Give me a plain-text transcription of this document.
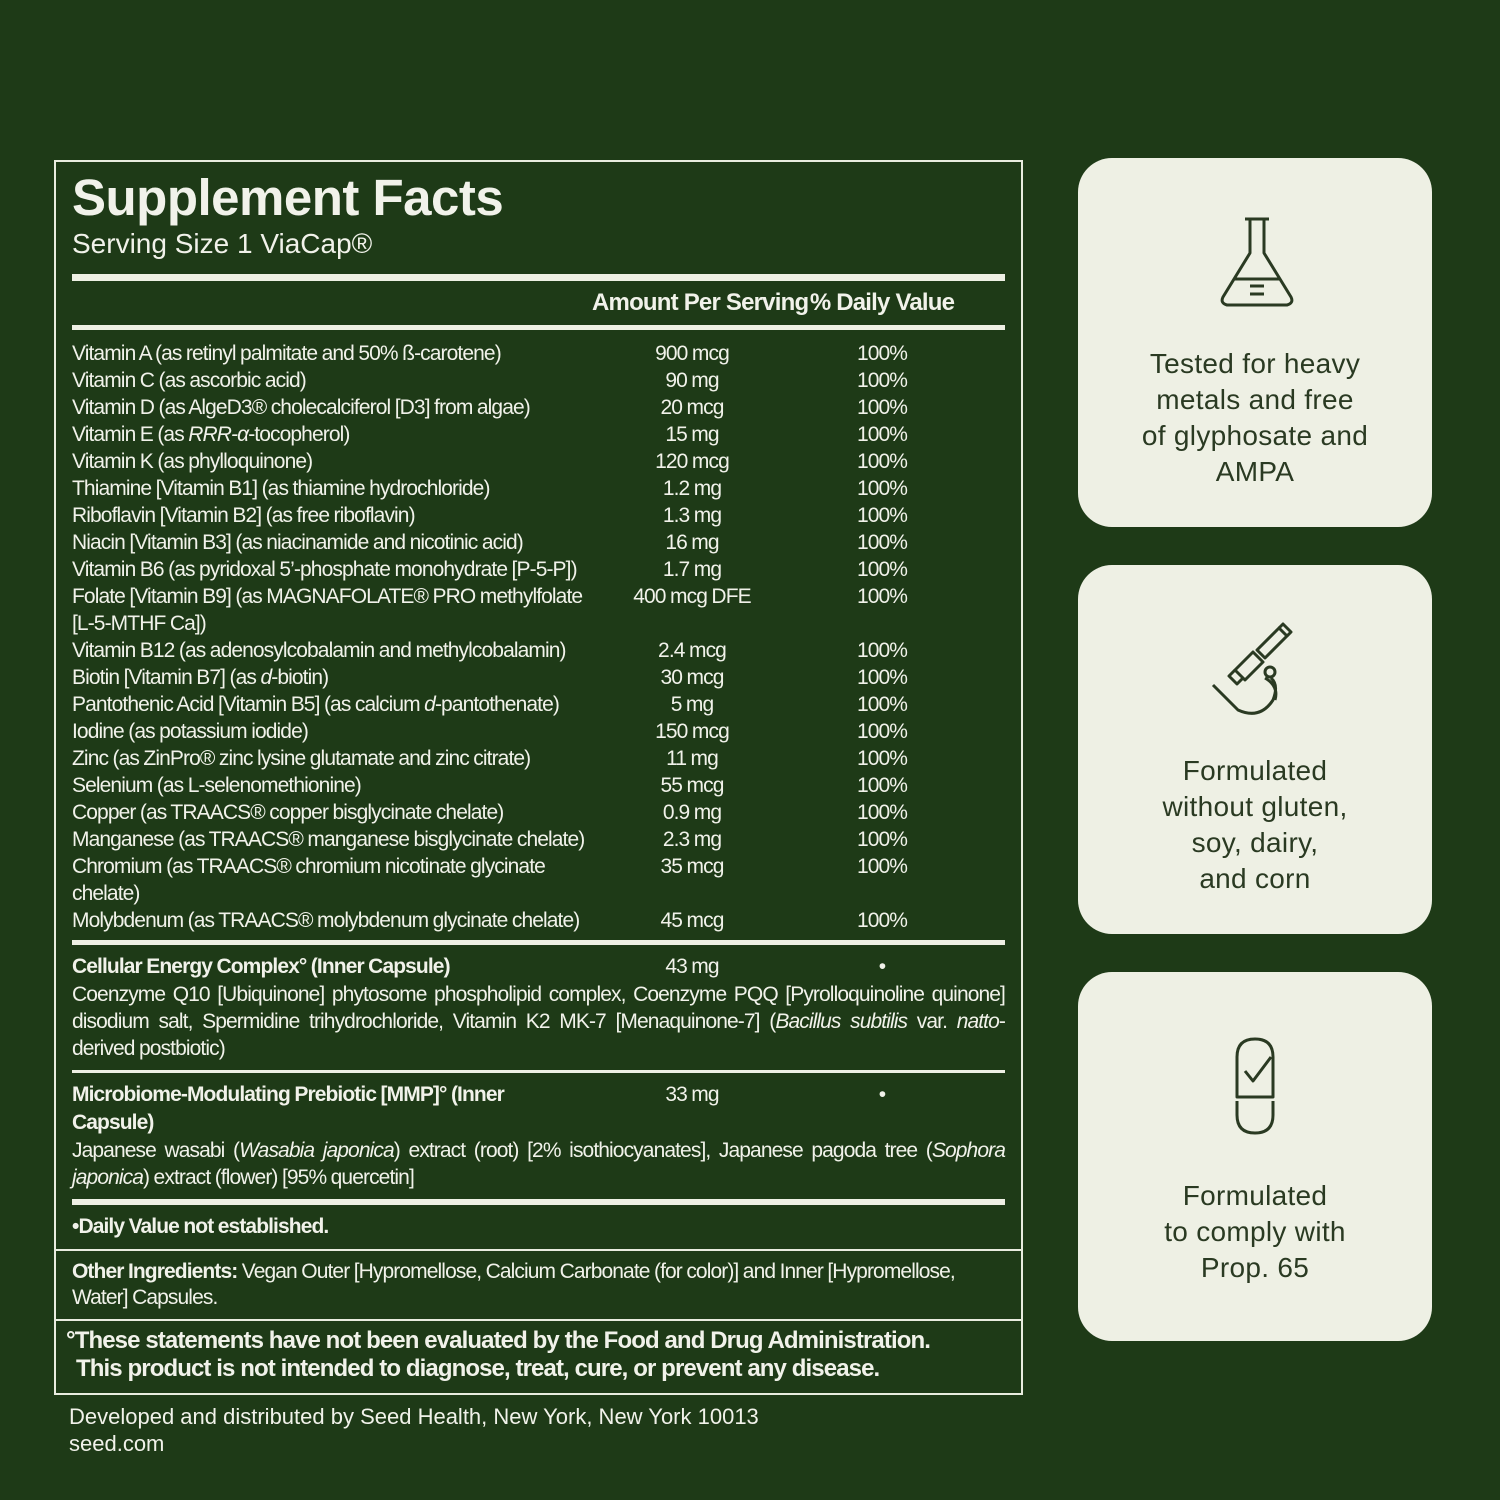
Supplement Facts
Serving Size 1 ViaCap®
Amount Per Serving % Daily Value
Vitamin A (as retinyl palmitate and 50% ß-carotene)	900 mcg	100%
Vitamin C (as ascorbic acid)	90 mg	100%
Vitamin D (as AlgeD3® cholecalciferol [D3] from algae)	20 mcg	100%
Vitamin E (as RRR-α-tocopherol)	15 mg	100%
Vitamin K (as phylloquinone)	120 mcg	100%
Thiamine [Vitamin B1] (as thiamine hydrochloride)	1.2 mg	100%
Riboflavin [Vitamin B2] (as free riboflavin)	1.3 mg	100%
Niacin [Vitamin B3] (as niacinamide and nicotinic acid)	16 mg	100%
Vitamin B6 (as pyridoxal 5’-phosphate monohydrate [P-5-P])	1.7 mg	100%
Folate [Vitamin B9] (as MAGNAFOLATE® PRO methylfolate [L-5-MTHF Ca])
400 mcg DFE	100%
Vitamin B12 (as adenosylcobalamin and methylcobalamin)	2.4 mcg	100%
Biotin [Vitamin B7] (as d-biotin)	30 mcg	100%
Pantothenic Acid [Vitamin B5] (as calcium d-pantothenate)	5 mg	100%
Iodine (as potassium iodide)	150 mcg	100%
Zinc (as ZinPro® zinc lysine glutamate and zinc citrate)	11 mg	100%
Selenium (as L-selenomethionine)	55 mcg	100%
Copper (as TRAACS® copper bisglycinate chelate)	0.9 mg	100%
Manganese (as TRAACS® manganese bisglycinate chelate)	2.3 mg	100%
Chromium (as TRAACS® chromium nicotinate glycinate chelate)
35 mcg	100%
Molybdenum (as TRAACS® molybdenum glycinate chelate)	45 mcg	100%
Cellular Energy Complex° (Inner Capsule)	43 mg	•
Coenzyme Q10 [Ubiquinone] phytosome phospholipid complex, Coenzyme PQQ [Pyrolloquinoline quinone] disodium salt, Spermidine trihydrochloride, Vitamin K2 MK-7 [Menaquinone-7] (Bacillus subtilis var. natto-derived postbiotic)
Microbiome-Modulating Prebiotic [MMP]° (Inner Capsule)
33 mg	•
Japanese wasabi (Wasabia japonica) extract (root) [2% isothiocyanates], Japanese pagoda tree (Sophora japonica) extract (flower) [95% quercetin]
•Daily Value not established.
Other Ingredients: Vegan Outer [Hypromellose, Calcium Carbonate (for color)] and Inner [Hypromellose, Water] Capsules.
°These statements have not been evaluated by the Food and Drug Administration.
This product is not intended to diagnose, treat, cure, or prevent any disease.
Developed and distributed by Seed Health, New York, New York 10013
seed.com
Tested for heavy
metals and free
of glyphosate and
AMPA
Formulated
without gluten,
soy, dairy,
and corn
Formulated
to comply with
Prop. 65
